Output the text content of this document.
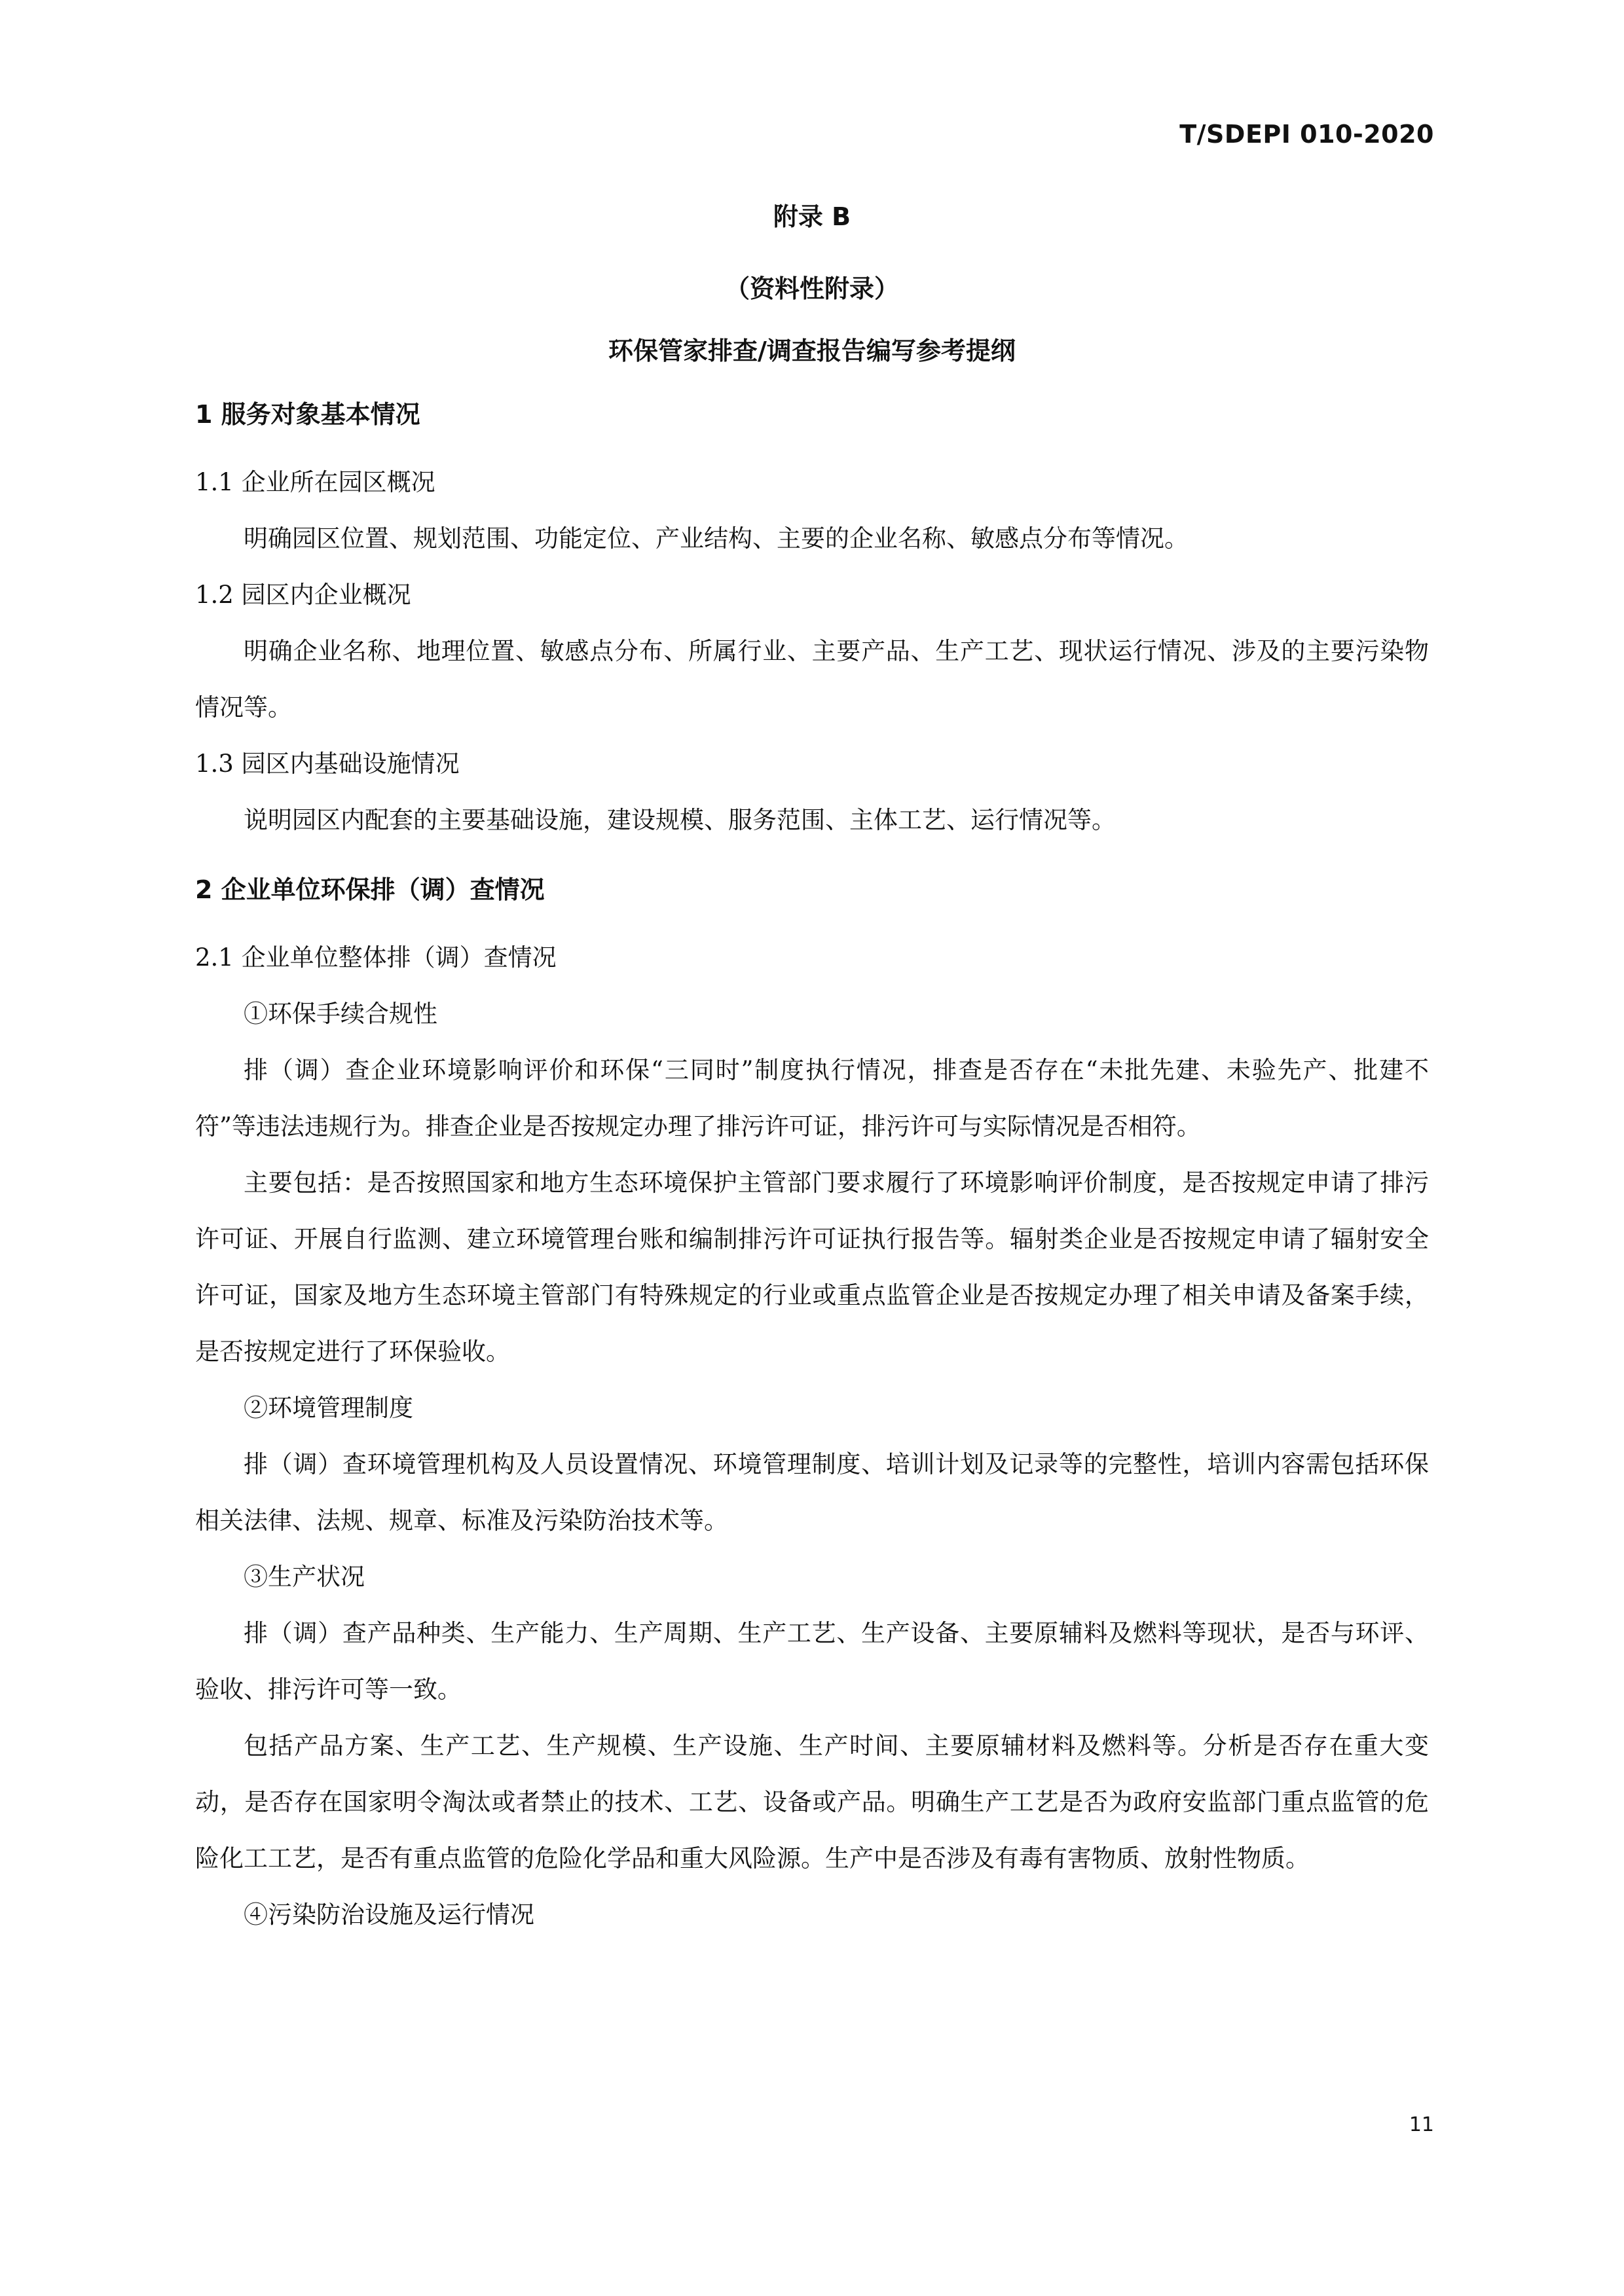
T/SDEPI 010-2020
附录 B
（资料性附录）
环保管家排查/调查报告编写参考提纲

1 服务对象基本情况

1.1 企业所在园区概况

明确园区位置、规划范围、功能定位、产业结构、主要的企业名称、敏感点分布等情况。

1.2 园区内企业概况

明确企业名称、地理位置、敏感点分布、所属行业、主要产品、生产工艺、现状运行情况、涉及的主要污染物情况等。

1.3 园区内基础设施情况

说明园区内配套的主要基础设施，建设规模、服务范围、主体工艺、运行情况等。

2 企业单位环保排（调）查情况

2.1 企业单位整体排（调）查情况

①环保手续合规性

排（调）查企业环境影响评价和环保“三同时”制度执行情况，排查是否存在“未批先建、未验先产、批建不符”等违法违规行为。排查企业是否按规定办理了排污许可证，排污许可与实际情况是否相符。

主要包括：是否按照国家和地方生态环境保护主管部门要求履行了环境影响评价制度，是否按规定申请了排污许可证、开展自行监测、建立环境管理台账和编制排污许可证执行报告等。辐射类企业是否按规定申请了辐射安全许可证，国家及地方生态环境主管部门有特殊规定的行业或重点监管企业是否按规定办理了相关申请及备案手续，是否按规定进行了环保验收。

②环境管理制度

排（调）查环境管理机构及人员设置情况、环境管理制度、培训计划及记录等的完整性，培训内容需包括环保相关法律、法规、规章、标准及污染防治技术等。

③生产状况

排（调）查产品种类、生产能力、生产周期、生产工艺、生产设备、主要原辅料及燃料等现状，是否与环评、验收、排污许可等一致。

包括产品方案、生产工艺、生产规模、生产设施、生产时间、主要原辅材料及燃料等。分析是否存在重大变动，是否存在国家明令淘汰或者禁止的技术、工艺、设备或产品。明确生产工艺是否为政府安监部门重点监管的危险化工工艺，是否有重点监管的危险化学品和重大风险源。生产中是否涉及有毒有害物质、放射性物质。

④污染防治设施及运行情况

11
